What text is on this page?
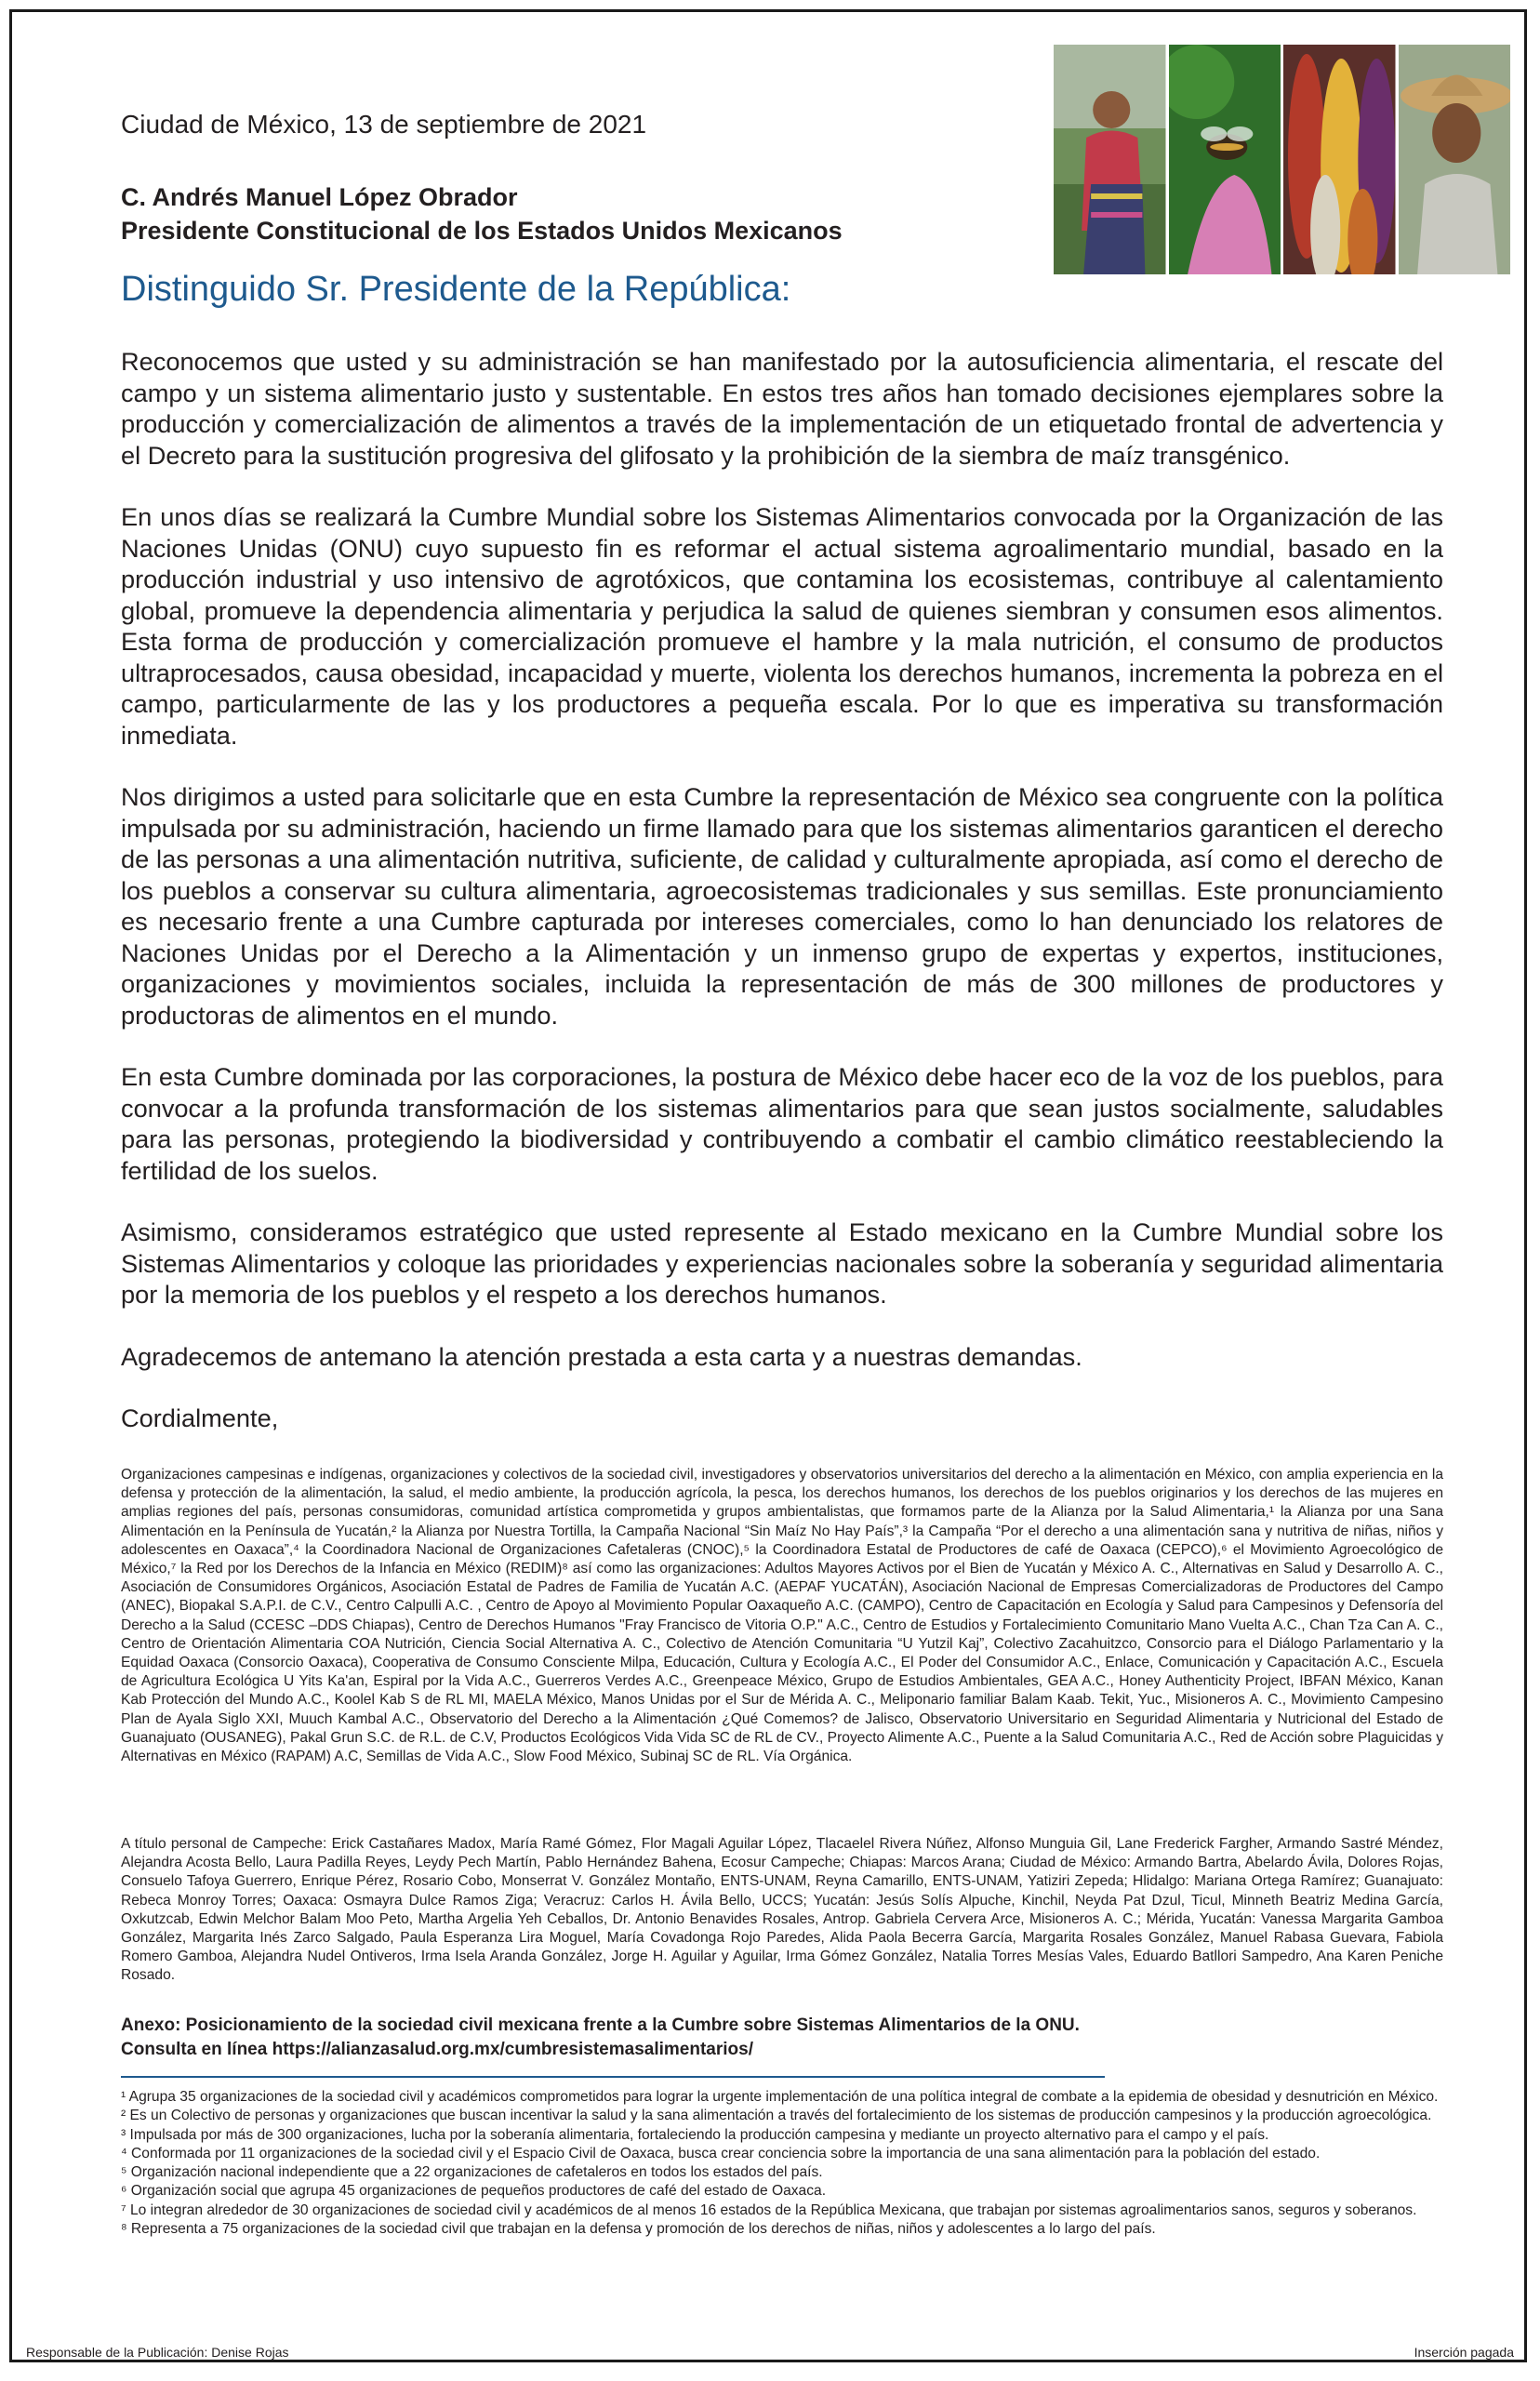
Ciudad de México, 13 de septiembre de 2021
C. Andrés Manuel López Obrador
Presidente Constitucional de los Estados Unidos Mexicanos
Distinguido Sr. Presidente de la República:

Reconocemos que usted y su administración se han manifestado por la autosuficiencia alimentaria, el rescate del campo y un sistema alimentario justo y sustentable. En estos tres años han tomado decisiones ejemplares sobre la producción y comercialización de alimentos a través de la implementación de un etiquetado frontal de advertencia y el Decreto para la sustitución progresiva del glifosato y la prohibición de la siembra de maíz transgénico.

En unos días se realizará la Cumbre Mundial sobre los Sistemas Alimentarios convocada por la Organización de las Naciones Unidas (ONU) cuyo supuesto fin es reformar el actual sistema agroalimentario mundial, basado en la producción industrial y uso intensivo de agrotóxicos, que contamina los ecosistemas, contribuye al calentamiento global, promueve la dependencia alimentaria y perjudica la salud de quienes siembran y consumen esos alimentos. Esta forma de producción y comercialización promueve el hambre y la mala nutrición, el consumo de productos ultraprocesados, causa obesidad, incapacidad y muerte, violenta los derechos humanos, incrementa la pobreza en el campo, particularmente de las y los productores a pequeña escala. Por lo que es imperativa su transformación inmediata.

Nos dirigimos a usted para solicitarle que en esta Cumbre la representación de México sea congruente con la política impulsada por su administración, haciendo un firme llamado para que los sistemas alimentarios garanticen el derecho de las personas a una alimentación nutritiva, suficiente, de calidad y culturalmente apropiada, así como el derecho de los pueblos a conservar su cultura alimentaria, agroecosistemas tradicionales y sus semillas. Este pronunciamiento es necesario frente a una Cumbre capturada por intereses comerciales, como lo han denunciado los relatores de Naciones Unidas por el Derecho a la Alimentación y un inmenso grupo de expertas y expertos, instituciones, organizaciones y movimientos sociales, incluida la representación de más de 300 millones de productores y productoras de alimentos en el mundo.

En esta Cumbre dominada por las corporaciones, la postura de México debe hacer eco de la voz de los pueblos, para convocar a la profunda transformación de los sistemas alimentarios para que sean justos socialmente, saludables para las personas, protegiendo la biodiversidad y contribuyendo a combatir el cambio climático reestableciendo la fertilidad de los suelos.

Asimismo, consideramos estratégico que usted represente al Estado mexicano en la Cumbre Mundial sobre los Sistemas Alimentarios y coloque las prioridades y experiencias nacionales sobre la soberanía y seguridad alimentaria por la memoria de los pueblos y el respeto a los derechos humanos.

Agradecemos de antemano la atención prestada a esta carta y a nuestras demandas.

Cordialmente,

Organizaciones campesinas e indígenas, organizaciones y colectivos de la sociedad civil, investigadores y observatorios universitarios del derecho a la alimentación en México, con amplia experiencia en la defensa y protección de la alimentación, la salud, el medio ambiente, la producción agrícola, la pesca, los derechos humanos, los derechos de los pueblos originarios y los derechos de las mujeres en amplias regiones del país, personas consumidoras, comunidad artística comprometida y grupos ambientalistas, que formamos parte de la Alianza por la Salud Alimentaria,¹ la Alianza por una Sana Alimentación en la Península de Yucatán,² la Alianza por Nuestra Tortilla, la Campaña Nacional “Sin Maíz No Hay País”,³ la Campaña “Por el derecho a una alimentación sana y nutritiva de niñas, niños y adolescentes en Oaxaca”,⁴ la Coordinadora Nacional de Organizaciones Cafetaleras (CNOC),⁵ la Coordinadora Estatal de Productores de café de Oaxaca (CEPCO),⁶ el Movimiento Agroecológico de México,⁷ la Red por los Derechos de la Infancia en México (REDIM)⁸ así como las organizaciones: Adultos Mayores Activos por el Bien de Yucatán y México A. C., Alternativas en Salud y Desarrollo A. C., Asociación de Consumidores Orgánicos, Asociación Estatal de Padres de Familia de Yucatán A.C. (AEPAF YUCATÁN), Asociación Nacional de Empresas Comercializadoras de Productores del Campo (ANEC), Biopakal S.A.P.I. de C.V., Centro Calpulli A.C. , Centro de Apoyo al Movimiento Popular Oaxaqueño A.C. (CAMPO), Centro de Capacitación en Ecología y Salud para Campesinos y Defensoría del Derecho a la Salud (CCESC –DDS Chiapas), Centro de Derechos Humanos "Fray Francisco de Vitoria O.P." A.C., Centro de Estudios y Fortalecimiento Comunitario Mano Vuelta A.C., Chan Tza Can A. C., Centro de Orientación Alimentaria COA Nutrición, Ciencia Social Alternativa A. C., Colectivo de Atención Comunitaria “U Yutzil Kaj”, Colectivo Zacahuitzco, Consorcio para el Diálogo Parlamentario y la Equidad Oaxaca (Consorcio Oaxaca), Cooperativa de Consumo Consciente Milpa, Educación, Cultura y Ecología A.C., El Poder del Consumidor A.C., Enlace, Comunicación y Capacitación A.C., Escuela de Agricultura Ecológica U Yits Ka'an, Espiral por la Vida A.C., Guerreros Verdes A.C., Greenpeace México, Grupo de Estudios Ambientales, GEA A.C., Honey Authenticity Project, IBFAN México, Kanan Kab Protección del Mundo A.C., Koolel Kab S de RL MI, MAELA México, Manos Unidas por el Sur de Mérida A. C., Meliponario familiar Balam Kaab. Tekit, Yuc., Misioneros A. C., Movimiento Campesino Plan de Ayala Siglo XXI, Muuch Kambal A.C., Observatorio del Derecho a la Alimentación ¿Qué Comemos? de Jalisco, Observatorio Universitario en Seguridad Alimentaria y Nutricional del Estado de Guanajuato (OUSANEG), Pakal Grun S.C. de R.L. de C.V, Productos Ecológicos Vida Vida SC de RL de CV., Proyecto Alimente A.C., Puente a la Salud Comunitaria A.C., Red de Acción sobre Plaguicidas y Alternativas en México (RAPAM) A.C, Semillas de Vida A.C., Slow Food México, Subinaj SC de RL. Vía Orgánica.
A título personal de Campeche: Erick Castañares Madox, María Ramé Gómez, Flor Magali Aguilar López, Tlacaelel Rivera Núñez, Alfonso Munguia Gil, Lane Frederick Fargher, Armando Sastré Méndez, Alejandra Acosta Bello, Laura Padilla Reyes, Leydy Pech Martín, Pablo Hernández Bahena, Ecosur Campeche; Chiapas: Marcos Arana; Ciudad de México: Armando Bartra, Abelardo Ávila, Dolores Rojas, Consuelo Tafoya Guerrero, Enrique Pérez, Rosario Cobo, Monserrat V. González Montaño, ENTS-UNAM, Reyna Camarillo, ENTS-UNAM, Yatiziri Zepeda; Hlidalgo: Mariana Ortega Ramírez; Guanajuato: Rebeca Monroy Torres; Oaxaca: Osmayra Dulce Ramos Ziga; Veracruz: Carlos H. Ávila Bello, UCCS; Yucatán: Jesús Solís Alpuche, Kinchil, Neyda Pat Dzul, Ticul, Minneth Beatriz Medina García, Oxkutzcab, Edwin Melchor Balam Moo Peto, Martha Argelia Yeh Ceballos, Dr. Antonio Benavides Rosales, Antrop. Gabriela Cervera Arce, Misioneros A. C.; Mérida, Yucatán: Vanessa Margarita Gamboa González, Margarita Inés Zarco Salgado, Paula Esperanza Lira Moguel, María Covadonga Rojo Paredes, Alida Paola Becerra García, Margarita Rosales González, Manuel Rabasa Guevara, Fabiola Romero Gamboa, Alejandra Nudel Ontiveros, Irma Isela Aranda González, Jorge H. Aguilar y Aguilar, Irma Gómez González, Natalia Torres Mesías Vales, Eduardo Batllori Sampedro, Ana Karen Peniche Rosado.
Anexo: Posicionamiento de la sociedad civil mexicana frente a la Cumbre sobre Sistemas Alimentarios de la ONU.
Consulta en línea https://alianzasalud.org.mx/cumbresistemasalimentarios/
¹ Agrupa 35 organizaciones de la sociedad civil y académicos comprometidos para lograr la urgente implementación de una política integral de combate a la epidemia de obesidad y desnutrición en México.
² Es un Colectivo de personas y organizaciones que buscan incentivar la salud y la sana alimentación a través del fortalecimiento de los sistemas de producción campesinos y la producción agroecológica.
³ Impulsada por más de 300 organizaciones, lucha por la soberanía alimentaria, fortaleciendo la producción campesina y mediante un proyecto alternativo para el campo y el país.
⁴ Conformada por 11 organizaciones de la sociedad civil y el Espacio Civil de Oaxaca, busca crear conciencia sobre la importancia de una sana alimentación para la población del estado.
⁵ Organización nacional independiente que a 22 organizaciones de cafetaleros en todos los estados del país.
⁶ Organización social que agrupa 45 organizaciones de pequeños productores de café del estado de Oaxaca.
⁷ Lo integran alrededor de 30 organizaciones de sociedad civil y académicos de al menos 16 estados de la República Mexicana, que trabajan por sistemas agroalimentarios sanos, seguros y soberanos.
⁸ Representa a 75 organizaciones de la sociedad civil que trabajan en la defensa y promoción de los derechos de niñas, niños y adolescentes a lo largo del país.
Responsable de la Publicación: Denise Rojas	Inserción pagada
